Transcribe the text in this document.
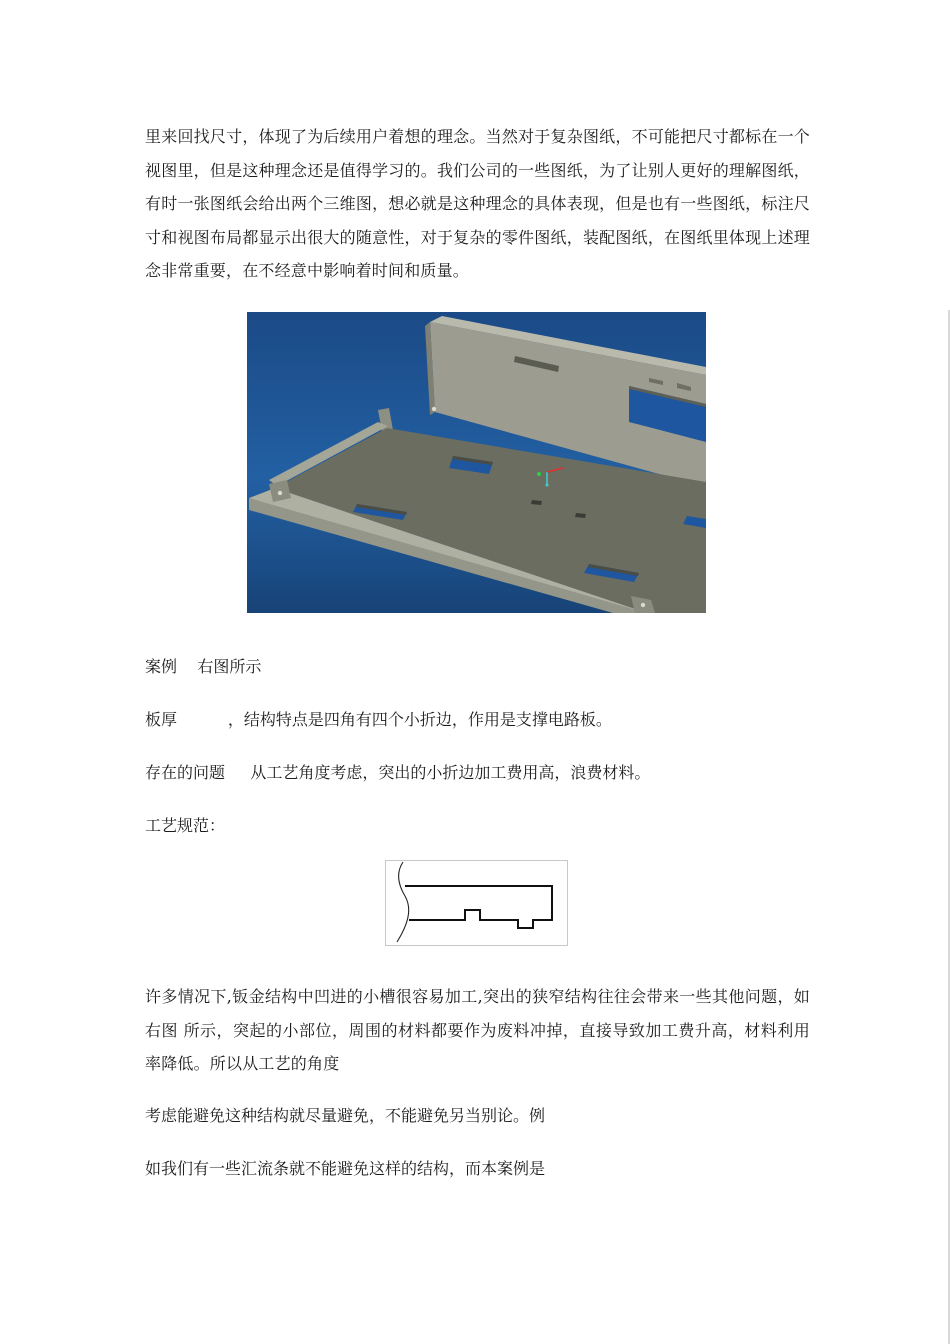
里来回找尺寸，体现了为后续用户着想的理念。当然对于复杂图纸，不可能把尺寸都标在一个视图里，但是这种理念还是值得学习的。我们公司的一些图纸，为了让别人更好的理解图纸，有时一张图纸会给出两个三维图，想必就是这种理念的具体表现，但是也有一些图纸，标注尺寸和视图布局都显示出很大的随意性，对于复杂的零件图纸，装配图纸，在图纸里体现上述理念非常重要，在不经意中影响着时间和质量。
案例    右图所示
板厚          ，结构特点是四角有四个小折边，作用是支撑电路板。
存在的问题     从工艺角度考虑，突出的小折边加工费用高，浪费材料。
工艺规范：
许多情况下,钣金结构中凹进的小槽很容易加工,突出的狭窄结构往往会带来一些其他问题，如右图 所示，突起的小部位，周围的材料都要作为废料冲掉，直接导致加工费升高，材料利用率降低。所以从工艺的角度
考虑能避免这种结构就尽量避免，不能避免另当别论。例
如我们有一些汇流条就不能避免这样的结构，而本案例是
